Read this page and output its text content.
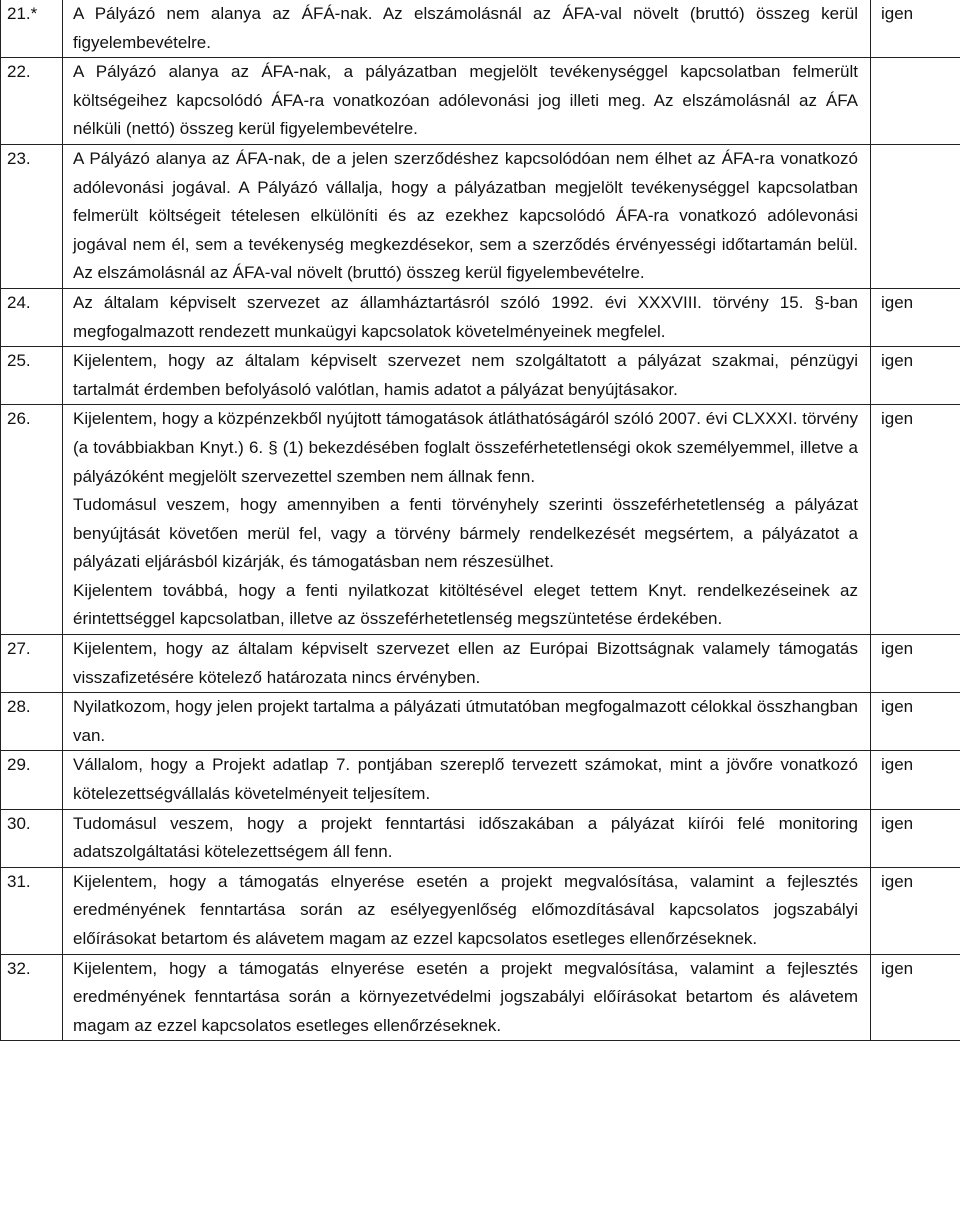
21.*	A Pályázó nem alanya az ÁFÁ-nak. Az elszámolásnál az ÁFA-val növelt (bruttó) összeg kerül figyelembevételre.	igen

22.	A Pályázó alanya az ÁFA-nak, a pályázatban megjelölt tevékenységgel kapcsolatban felmerült költségeihez kapcsolódó ÁFA-ra vonatkozóan adólevonási jog illeti meg. Az elszámolásnál az ÁFA nélküli (nettó) összeg kerül figyelembevételre.	

23.	A Pályázó alanya az ÁFA-nak, de a jelen szerződéshez kapcsolódóan nem élhet az ÁFA-ra vonatkozó adólevonási jogával. A Pályázó vállalja, hogy a pályázatban megjelölt tevékenységgel kapcsolatban felmerült költségeit tételesen elkülöníti és az ezekhez kapcsolódó ÁFA-ra vonatkozó adólevonási jogával nem él, sem a tevékenység megkezdésekor, sem a szerződés érvényességi időtartamán belül. Az elszámolásnál az ÁFA-val növelt (bruttó) összeg kerül figyelembevételre.	

24.	Az általam képviselt szervezet az államháztartásról szóló 1992. évi XXXVIII. törvény 15. §-ban megfogalmazott rendezett munkaügyi kapcsolatok követelményeinek megfelel.	igen

25.	Kijelentem, hogy az általam képviselt szervezet nem szolgáltatott a pályázat szakmai, pénzügyi tartalmát érdemben befolyásoló valótlan, hamis adatot a pályázat benyújtásakor.	igen

26.	Kijelentem, hogy a közpénzekből nyújtott támogatások átláthatóságáról szóló 2007. évi CLXXXI. törvény (a továbbiakban Knyt.) 6. § (1) bekezdésében foglalt összeférhetetlenségi okok személyemmel, illetve a pályázóként megjelölt szervezettel szemben nem állnak fenn.

Tudomásul veszem, hogy amennyiben a fenti törvényhely szerinti összeférhetetlenség a pályázat benyújtását követően merül fel, vagy a törvény bármely rendelkezését megsértem, a pályázatot a pályázati eljárásból kizárják, és támogatásban nem részesülhet.

Kijelentem továbbá, hogy a fenti nyilatkozat kitöltésével eleget tettem Knyt. rendelkezéseinek az érintettséggel kapcsolatban, illetve az összeférhetetlenség megszüntetése érdekében.	igen

27.	Kijelentem, hogy az általam képviselt szervezet ellen az Európai Bizottságnak valamely támogatás visszafizetésére kötelező határozata nincs érvényben.	igen

28.	Nyilatkozom, hogy jelen projekt tartalma a pályázati útmutatóban megfogalmazott célokkal összhangban van.	igen

29.	Vállalom, hogy a Projekt adatlap 7. pontjában szereplő tervezett számokat, mint a jövőre vonatkozó kötelezettségvállalás követelményeit teljesítem.	igen

30.	Tudomásul veszem, hogy a projekt fenntartási időszakában a pályázat kiírói felé monitoring adatszolgáltatási kötelezettségem áll fenn.	igen

31.	Kijelentem, hogy a támogatás elnyerése esetén a projekt megvalósítása, valamint a fejlesztés eredményének fenntartása során az esélyegyenlőség előmozdításával kapcsolatos jogszabályi előírásokat betartom és alávetem magam az ezzel kapcsolatos esetleges ellenőrzéseknek.	igen

32.	Kijelentem, hogy a támogatás elnyerése esetén a projekt megvalósítása, valamint a fejlesztés eredményének fenntartása során a környezetvédelmi jogszabályi előírásokat betartom és alávetem magam az ezzel kapcsolatos esetleges ellenőrzéseknek.	igen
